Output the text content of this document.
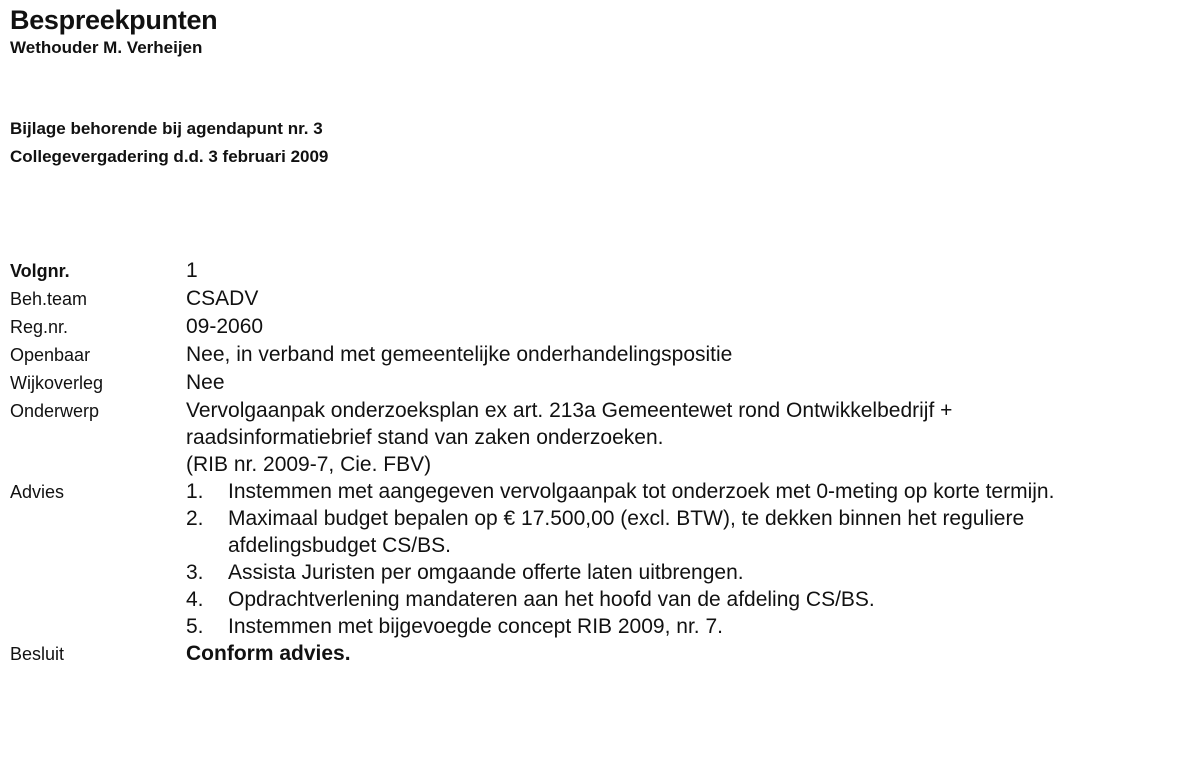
Bespreekpunten
Wethouder M. Verheijen
Bijlage behorende bij agendapunt nr. 3
Collegevergadering d.d. 3 februari 2009
Volgnr.	1
Beh.team	CSADV
Reg.nr.	09-2060
Openbaar	Nee, in verband met gemeentelijke onderhandelingspositie
Wijkoverleg	Nee
Onderwerp	Vervolgaanpak onderzoeksplan ex art. 213a Gemeentewet rond Ontwikkelbedrijf +
raadsinformatiebrief stand van zaken onderzoeken.
(RIB nr. 2009-7, Cie. FBV)
Advies	1.	Instemmen met aangegeven vervolgaanpak tot onderzoek met 0-meting op korte termijn.
2.	Maximaal budget bepalen op € 17.500,00 (excl. BTW), te dekken binnen het reguliere afdelingsbudget CS/BS.
3.	Assista Juristen per omgaande offerte laten uitbrengen.
4.	Opdrachtverlening mandateren aan het hoofd van de afdeling CS/BS.
5.	Instemmen met bijgevoegde concept RIB 2009, nr. 7.
Besluit	Conform advies.
